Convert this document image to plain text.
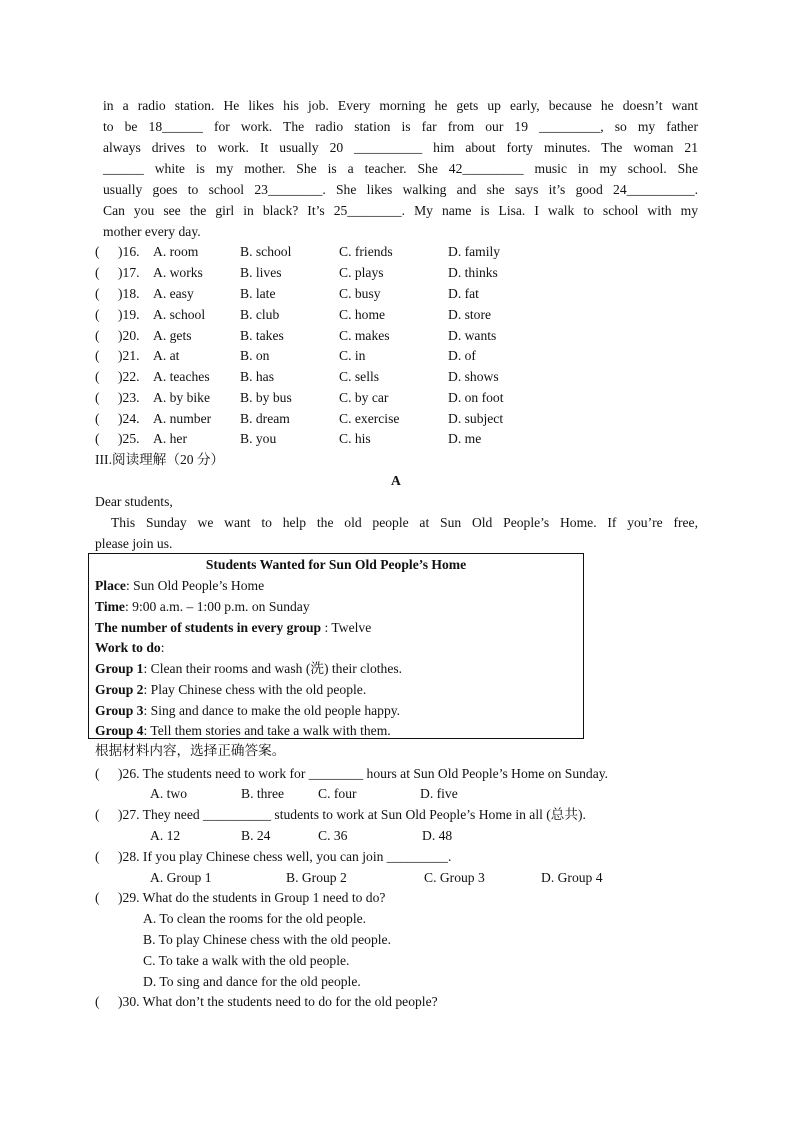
in a radio station. He likes his job. Every morning he gets up early, because he doesn’t want
to be 18______ for work. The radio station is far from our 19 _________, so my father
always drives to work. It usually 20 __________ him about forty minutes. The woman 21
______ white is my mother. She is a teacher. She 42_________ music in my school. She
usually goes to school 23________. She likes walking and she says it’s good 24__________.
Can you see the girl in black? It’s 25________. My name is Lisa. I walk to school with my
mother every day.
( )16. A. room	B. school	C. friends	D. family
( )17. A. works	B. lives	C. plays	D. thinks
( )18. A. easy	B. late	C. busy	D. fat
( )19. A. school	B. club	C. home	D. store
( )20. A. gets	B. takes	C. makes	D. wants
( )21. A. at	B. on	C. in	D. of
( )22. A. teaches B. has	C. sells	D. shows
( )23. A. by bike B. by bus	C. by car	D. on foot
( )24. A. number B. dream	C. exercise	D. subject
( )25. A. her	B. you	C. his	D. me
III.阅读理解（20 分）
A
Dear students,
This Sunday we want to help the old people at Sun Old People’s Home. If you’re free,
please join us.
Students Wanted for Sun Old People’s Home
Place: Sun Old People’s Home
Time: 9:00 a.m. – 1:00 p.m. on Sunday
The number of students in every group : Twelve
Work to do:
Group 1: Clean their rooms and wash (洗) their clothes.
Group 2: Play Chinese chess with the old people.
Group 3: Sing and dance to make the old people happy.
Group 4: Tell them stories and take a walk with them.
根据材料内容，选择正确答案。
( )26. The students need to work for ________ hours at Sun Old People’s Home on Sunday.
A. two	B. three C. four	D. five
( )27. They need __________ students to work at Sun Old People’s Home in all (总共).
A. 12	B. 24	C. 36	D. 48
( )28. If you play Chinese chess well, you can join _________.
A. Group 1	B. Group 2	C. Group 3	D. Group 4
( )29. What do the students in Group 1 need to do?
A. To clean the rooms for the old people.
B. To play Chinese chess with the old people.
C. To take a walk with the old people.
D. To sing and dance for the old people.
( )30. What don’t the students need to do for the old people?
